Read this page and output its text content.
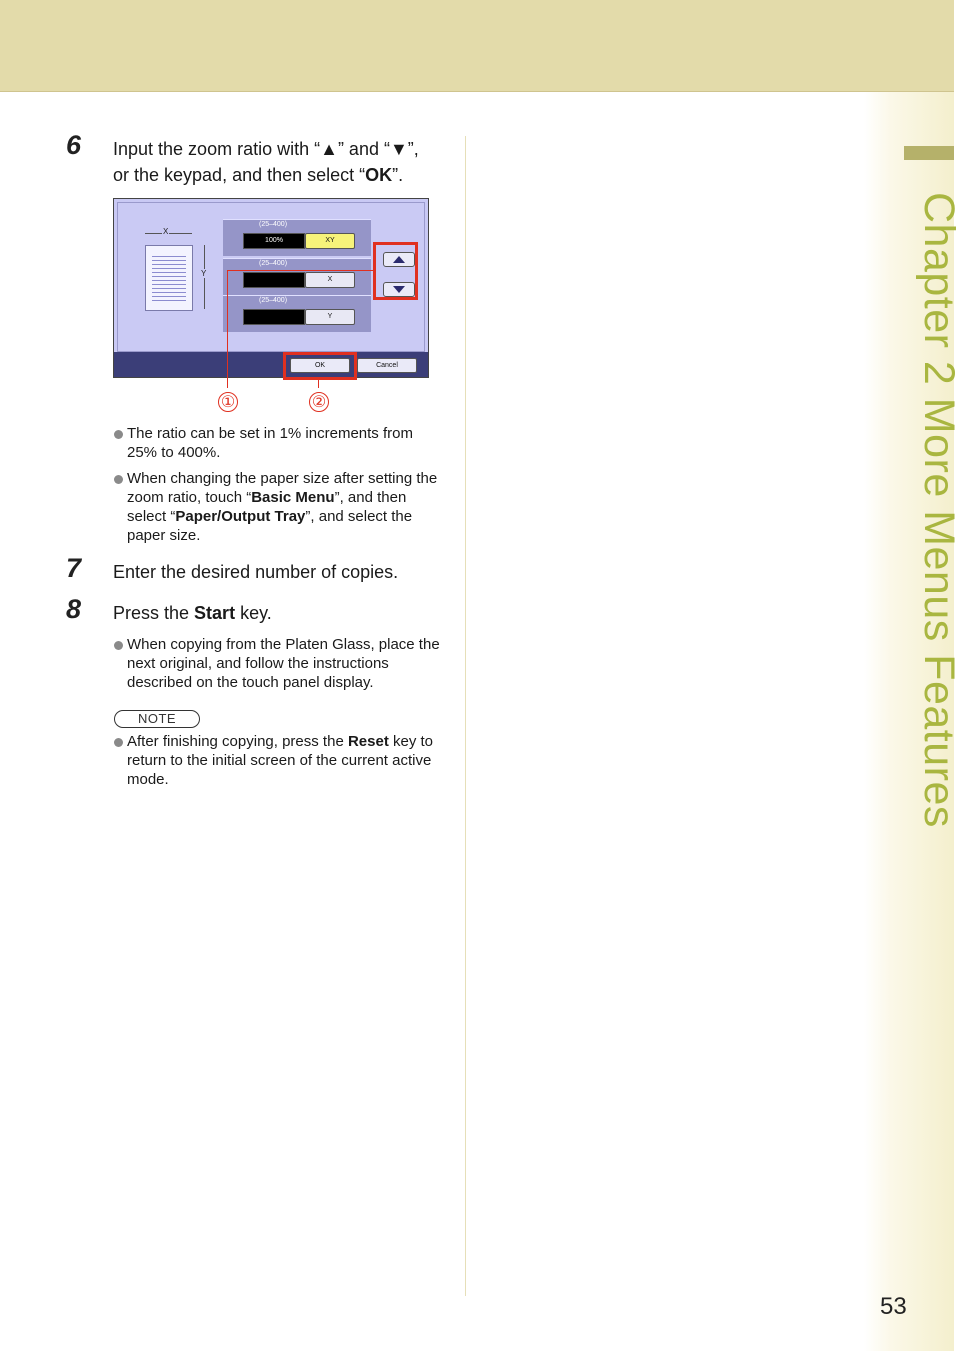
Chapter 2 More Menus Features
6 Input the zoom ratio with “▲” and “▼”,
or the keypad, and then select “OK”.
X
Y
(25–400)
100%	XY
(25–400)
X
(25–400)
Y
OK	Cancel
①	②
The ratio can be set in 1% increments from 25% to 400%.
When changing the paper size after setting the zoom ratio, touch “Basic Menu”, and then select “Paper/Output Tray”, and select the paper size.
7 Enter the desired number of copies.
8 Press the Start key.
When copying from the Platen Glass, place the next original, and follow the instructions described on the touch panel display.
NOTE
After finishing copying, press the Reset key to return to the initial screen of the current active mode.
53
